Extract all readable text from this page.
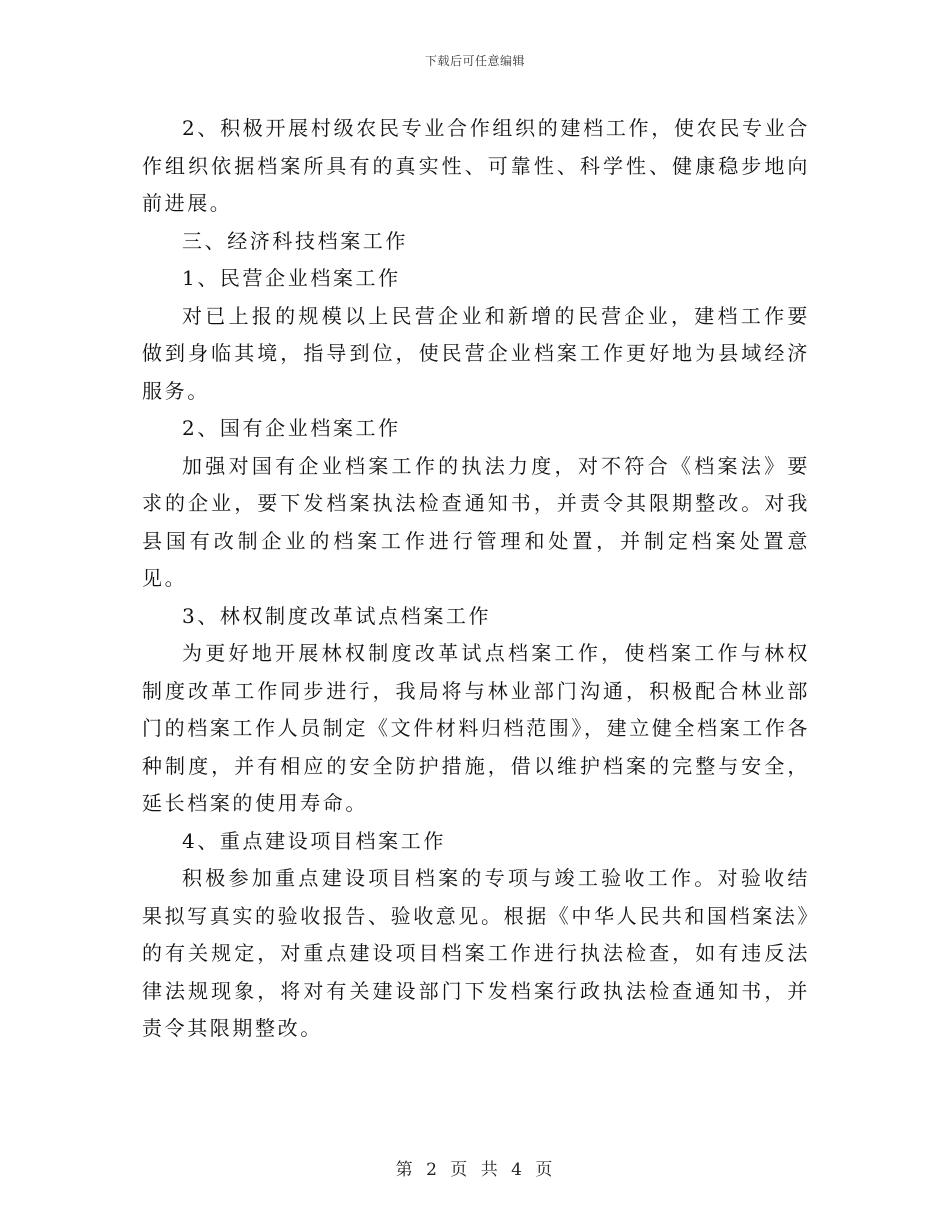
下载后可任意编辑

2、积极开展村级农民专业合作组织的建档工作，使农民专业合作组织依据档案所具有的真实性、可靠性、科学性、健康稳步地向前进展。

三、经济科技档案工作

1、民营企业档案工作

对已上报的规模以上民营企业和新增的民营企业，建档工作要做到身临其境，指导到位，使民营企业档案工作更好地为县域经济服务。

2、国有企业档案工作

加强对国有企业档案工作的执法力度，对不符合《档案法》要求的企业，要下发档案执法检查通知书，并责令其限期整改。对我县国有改制企业的档案工作进行管理和处置，并制定档案处置意见。

3、林权制度改革试点档案工作

为更好地开展林权制度改革试点档案工作，使档案工作与林权制度改革工作同步进行，我局将与林业部门沟通，积极配合林业部门的档案工作人员制定《文件材料归档范围》，建立健全档案工作各种制度，并有相应的安全防护措施，借以维护档案的完整与安全，延长档案的使用寿命。

4、重点建设项目档案工作

积极参加重点建设项目档案的专项与竣工验收工作。对验收结果拟写真实的验收报告、验收意见。根据《中华人民共和国档案法》的有关规定，对重点建设项目档案工作进行执法检查，如有违反法律法规现象，将对有关建设部门下发档案行政执法检查通知书，并责令其限期整改。

第 2 页 共 4 页
